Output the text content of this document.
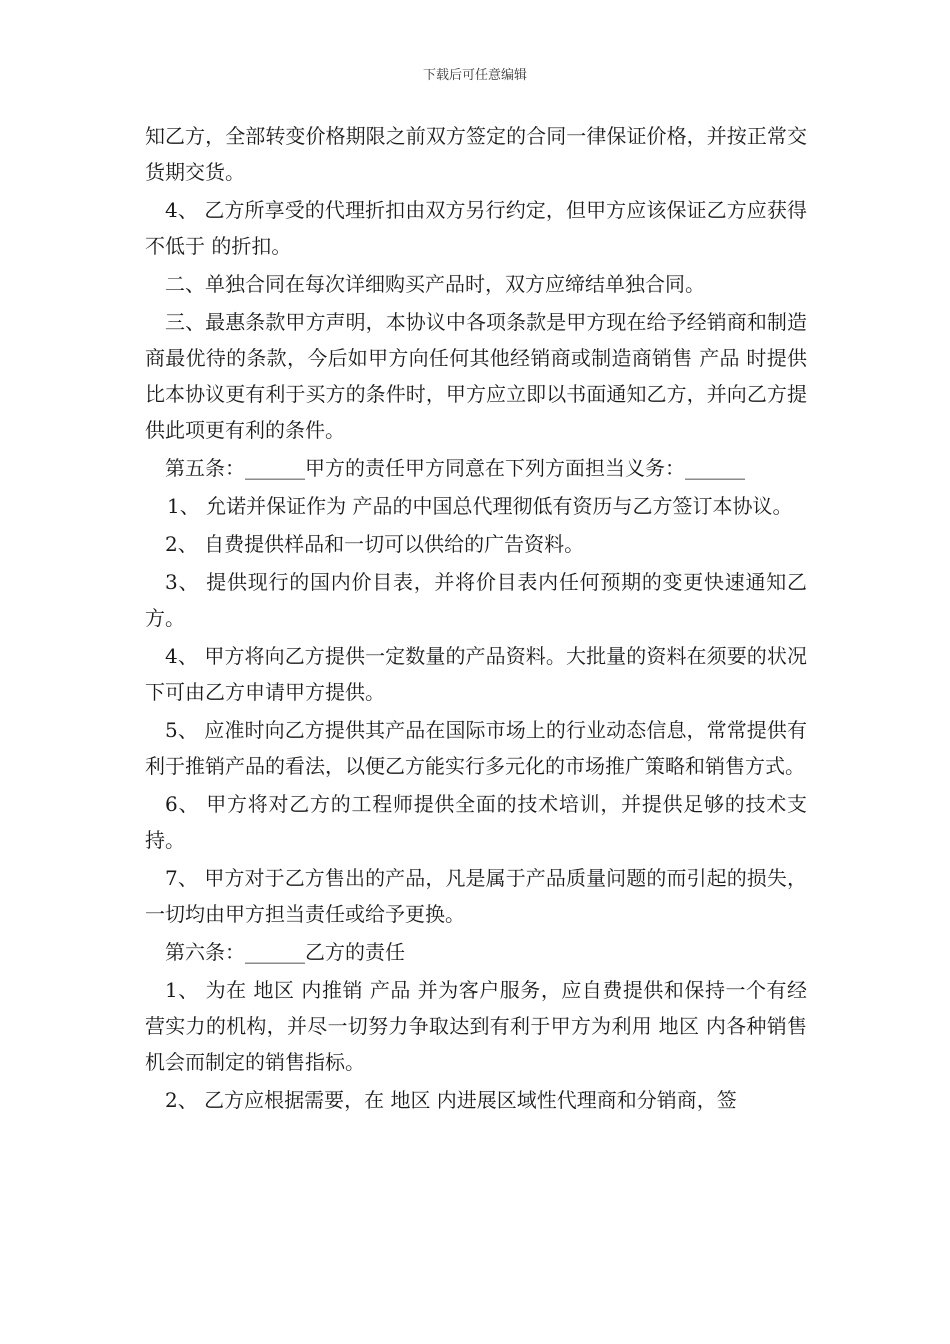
下载后可任意编辑

知乙方，全部转变价格期限之前双方签定的合同一律保证价格，并按正常交货期交货。

4、 乙方所享受的代理折扣由双方另行约定，但甲方应该保证乙方应获得不低于 的折扣。

二、单独合同在每次详细购买产品时，双方应缔结单独合同。

三、最惠条款甲方声明，本协议中各项条款是甲方现在给予经销商和制造商最优待的条款，今后如甲方向任何其他经销商或制造商销售 产品 时提供比本协议更有利于买方的条件时，甲方应立即以书面通知乙方，并向乙方提供此项更有利的条件。

第五条：______甲方的责任甲方同意在下列方面担当义务：______

1、 允诺并保证作为 产品的中国总代理彻低有资历与乙方签订本协议。

2、 自费提供样品和一切可以供给的广告资料。

3、 提供现行的国内价目表，并将价目表内任何预期的变更快速通知乙方。

4、 甲方将向乙方提供一定数量的产品资料。大批量的资料在须要的状况下可由乙方申请甲方提供。

5、 应准时向乙方提供其产品在国际市场上的行业动态信息，常常提供有利于推销产品的看法，以便乙方能实行多元化的市场推广策略和销售方式。

6、 甲方将对乙方的工程师提供全面的技术培训，并提供足够的技术支持。

7、 甲方对于乙方售出的产品，凡是属于产品质量问题的而引起的损失，一切均由甲方担当责任或给予更换。

第六条：______乙方的责任

1、 为在 地区 内推销 产品 并为客户服务，应自费提供和保持一个有经营实力的机构，并尽一切努力争取达到有利于甲方为利用 地区 内各种销售机会而制定的销售指标。

2、 乙方应根据需要，在 地区 内进展区域性代理商和分销商，签
